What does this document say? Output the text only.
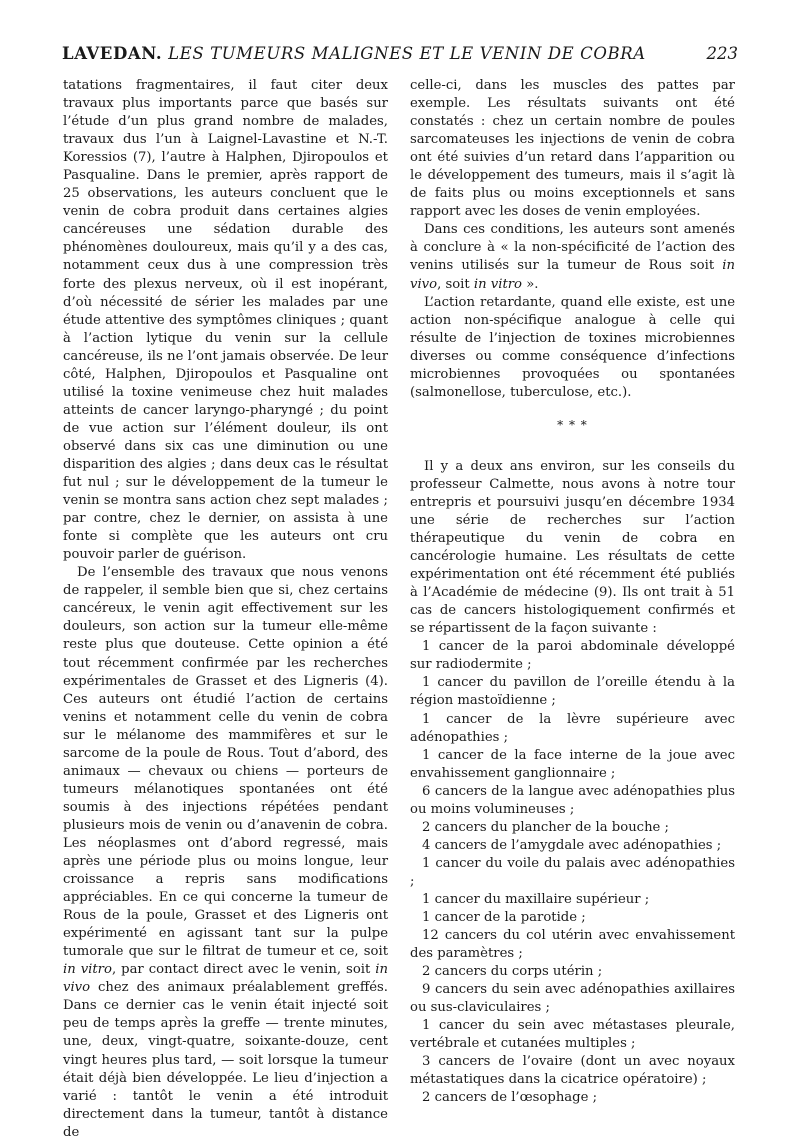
LAVEDAN. LES TUMEURS MALIGNES ET LE VENIN DE COBRA	223

tatations fragmentaires, il faut citer deux travaux plus importants parce que basés sur l’étude d’un plus grand nombre de malades, travaux dus l’un à Laignel-Lavastine et N.-T. Koressios (7), l’autre à Halphen, Djiropoulos et Pasqualine. Dans le premier, après rapport de 25 observations, les auteurs concluent que le venin de cobra produit dans certaines algies cancéreuses une sédation durable des phénomènes douloureux, mais qu’il y a des cas, notamment ceux dus à une compression très forte des plexus nerveux, où il est inopérant, d’où nécessité de sérier les malades par une étude attentive des symptômes cliniques ; quant à l’action lytique du venin sur la cellule cancéreuse, ils ne l’ont jamais observée. De leur côté, Halphen, Djiropoulos et Pasqualine ont utilisé la toxine venimeuse chez huit malades atteints de cancer laryngo-pharyngé ; du point de vue action sur l’élément douleur, ils ont observé dans six cas une diminution ou une disparition des algies ; dans deux cas le résultat fut nul ; sur le développement de la tumeur le venin se montra sans action chez sept malades ; par contre, chez le dernier, on assista à une fonte si complète que les auteurs ont cru pouvoir parler de guérison.

De l’ensemble des travaux que nous venons de rappeler, il semble bien que si, chez certains cancéreux, le venin agit effectivement sur les douleurs, son action sur la tumeur elle-même reste plus que douteuse. Cette opinion a été tout récemment confirmée par les recherches expérimentales de Grasset et des Ligneris (4). Ces auteurs ont étudié l’action de certains venins et notamment celle du venin de cobra sur le mélanome des mammifères et sur le sarcome de la poule de Rous. Tout d’abord, des animaux — chevaux ou chiens — porteurs de tumeurs mélanotiques spontanées ont été soumis à des injections répétées pendant plusieurs mois de venin ou d’anavenin de cobra. Les néoplasmes ont d’abord regressé, mais après une période plus ou moins longue, leur croissance a repris sans modifications appréciables. En ce qui concerne la tumeur de Rous de la poule, Grasset et des Ligneris ont expérimenté en agissant tant sur la pulpe tumorale que sur le filtrat de tumeur et ce, soit in vitro, par contact direct avec le venin, soit in vivo chez des animaux préalablement greffés. Dans ce dernier cas le venin était injecté soit peu de temps après la greffe — trente minutes, une, deux, vingt-quatre, soixante-douze, cent vingt heures plus tard, — soit lorsque la tumeur était déjà bien développée. Le lieu d’injection a varié : tantôt le venin a été introduit directement dans la tumeur, tantôt à distance de

celle-ci, dans les muscles des pattes par exemple. Les résultats suivants ont été constatés : chez un certain nombre de poules sarcomateuses les injections de venin de cobra ont été suivies d’un retard dans l’apparition ou le développement des tumeurs, mais il s’agit là de faits plus ou moins exceptionnels et sans rapport avec les doses de venin employées.

Dans ces conditions, les auteurs sont amenés à conclure à « la non-spécificité de l’action des venins utilisés sur la tumeur de Rous soit in vivo, soit in vitro ».

L’action retardante, quand elle existe, est une action non-spécifique analogue à celle qui résulte de l’injection de toxines microbiennes diverses ou comme conséquence d’infections microbiennes provoquées ou spontanées (salmonellose, tuberculose, etc.).

* * *

Il y a deux ans environ, sur les conseils du professeur Calmette, nous avons à notre tour entrepris et poursuivi jusqu’en décembre 1934 une série de recherches sur l’action thérapeutique du venin de cobra en cancérologie humaine. Les résultats de cette expérimentation ont été récemment été publiés à l’Académie de médecine (9). Ils ont trait à 51 cas de cancers histologiquement confirmés et se répartissent de la façon suivante :

1 cancer de la paroi abdominale développé sur radiodermite ;

1 cancer du pavillon de l’oreille étendu à la région mastoïdienne ;

1 cancer de la lèvre supérieure avec adénopathies ;

1 cancer de la face interne de la joue avec envahissement ganglionnaire ;

6 cancers de la langue avec adénopathies plus ou moins volumineuses ;

2 cancers du plancher de la bouche ;

4 cancers de l’amygdale avec adénopathies ;

1 cancer du voile du palais avec adénopathies ;

1 cancer du maxillaire supérieur ;

1 cancer de la parotide ;

12 cancers du col utérin avec envahissement des paramètres ;

2 cancers du corps utérin ;

9 cancers du sein avec adénopathies axillaires ou sus-claviculaires ;

1 cancer du sein avec métastases pleurale, vertébrale et cutanées multiples ;

3 cancers de l’ovaire (dont un avec noyaux métastatiques dans la cicatrice opératoire) ;

2 cancers de l’œsophage ;
